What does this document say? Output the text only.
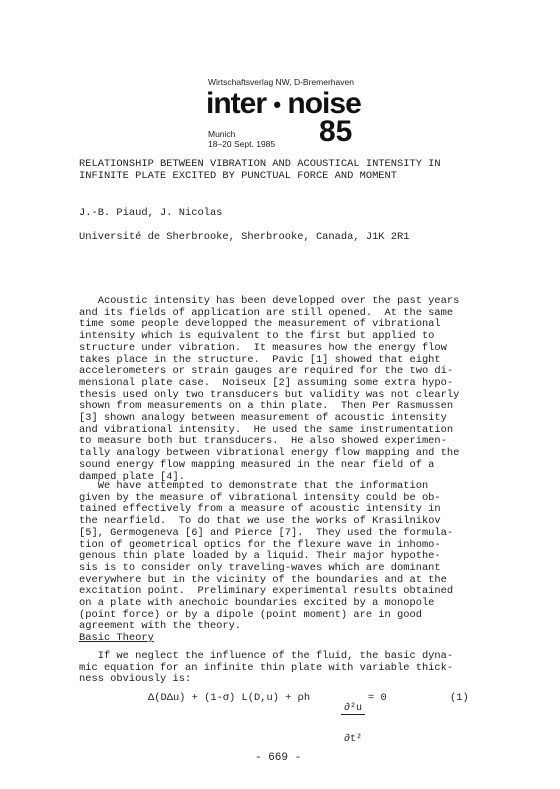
Wirtschaftsverlag NW, D-Bremerhaven
inter • noise
Munich
18–20 Sept. 1985 85
RELATIONSHIP BETWEEN VIBRATION AND ACOUSTICAL INTENSITY IN
INFINITE PLATE EXCITED BY PUNCTUAL FORCE AND MOMENT
J.-B. Piaud, J. Nicolas
Université de Sherbrooke, Sherbrooke, Canada, J1K 2R1
Acoustic intensity has been developped over the past years
and its fields of application are still opened.  At the same
time some people developped the measurement of vibrational
intensity which is equivalent to the first but applied to
structure under vibration.  It measures how the energy flow
takes place in the structure.  Pavic [1] showed that eight
accelerometers or strain gauges are required for the two di-
mensional plate case.  Noiseux [2] assuming some extra hypo-
thesis used only two transducers but validity was not clearly
shown from measurements on a thin plate.  Then Per Rasmussen
[3] shown analogy between measurement of acoustic intensity
and vibrational intensity.  He used the same instrumentation
to measure both but transducers.  He also showed experimen-
tally analogy between vibrational energy flow mapping and the
sound energy flow mapping measured in the near field of a
damped plate [4].
We have attempted to demonstrate that the information
given by the measure of vibrational intensity could be ob-
tained effectively from a measure of acoustic intensity in
the nearfield.  To do that we use the works of Krasilnikov
[5], Germogeneva [6] and Pierce [7].  They used the formula-
tion of geometrical optics for the flexure wave in inhomo-
genous thin plate loaded by a liquid. Their major hypothe-
sis is to consider only traveling-waves which are dominant
everywhere but in the vicinity of the boundaries and at the
excitation point.  Preliminary experimental results obtained
on a plate with anechoic boundaries excited by a monopole
(point force) or by a dipole (point moment) are in good
agreement with the theory.
Basic Theory
If we neglect the influence of the fluid, the basic dyna-
mic equation for an infinite thin plate with variable thick-
ness obviously is:

Δ(DΔu) + (1-σ) L(D,u) + ρh

	$\frac{\text{∂²u}}{\text{∂t²}}$

= 0

	(1)

- 669 -
